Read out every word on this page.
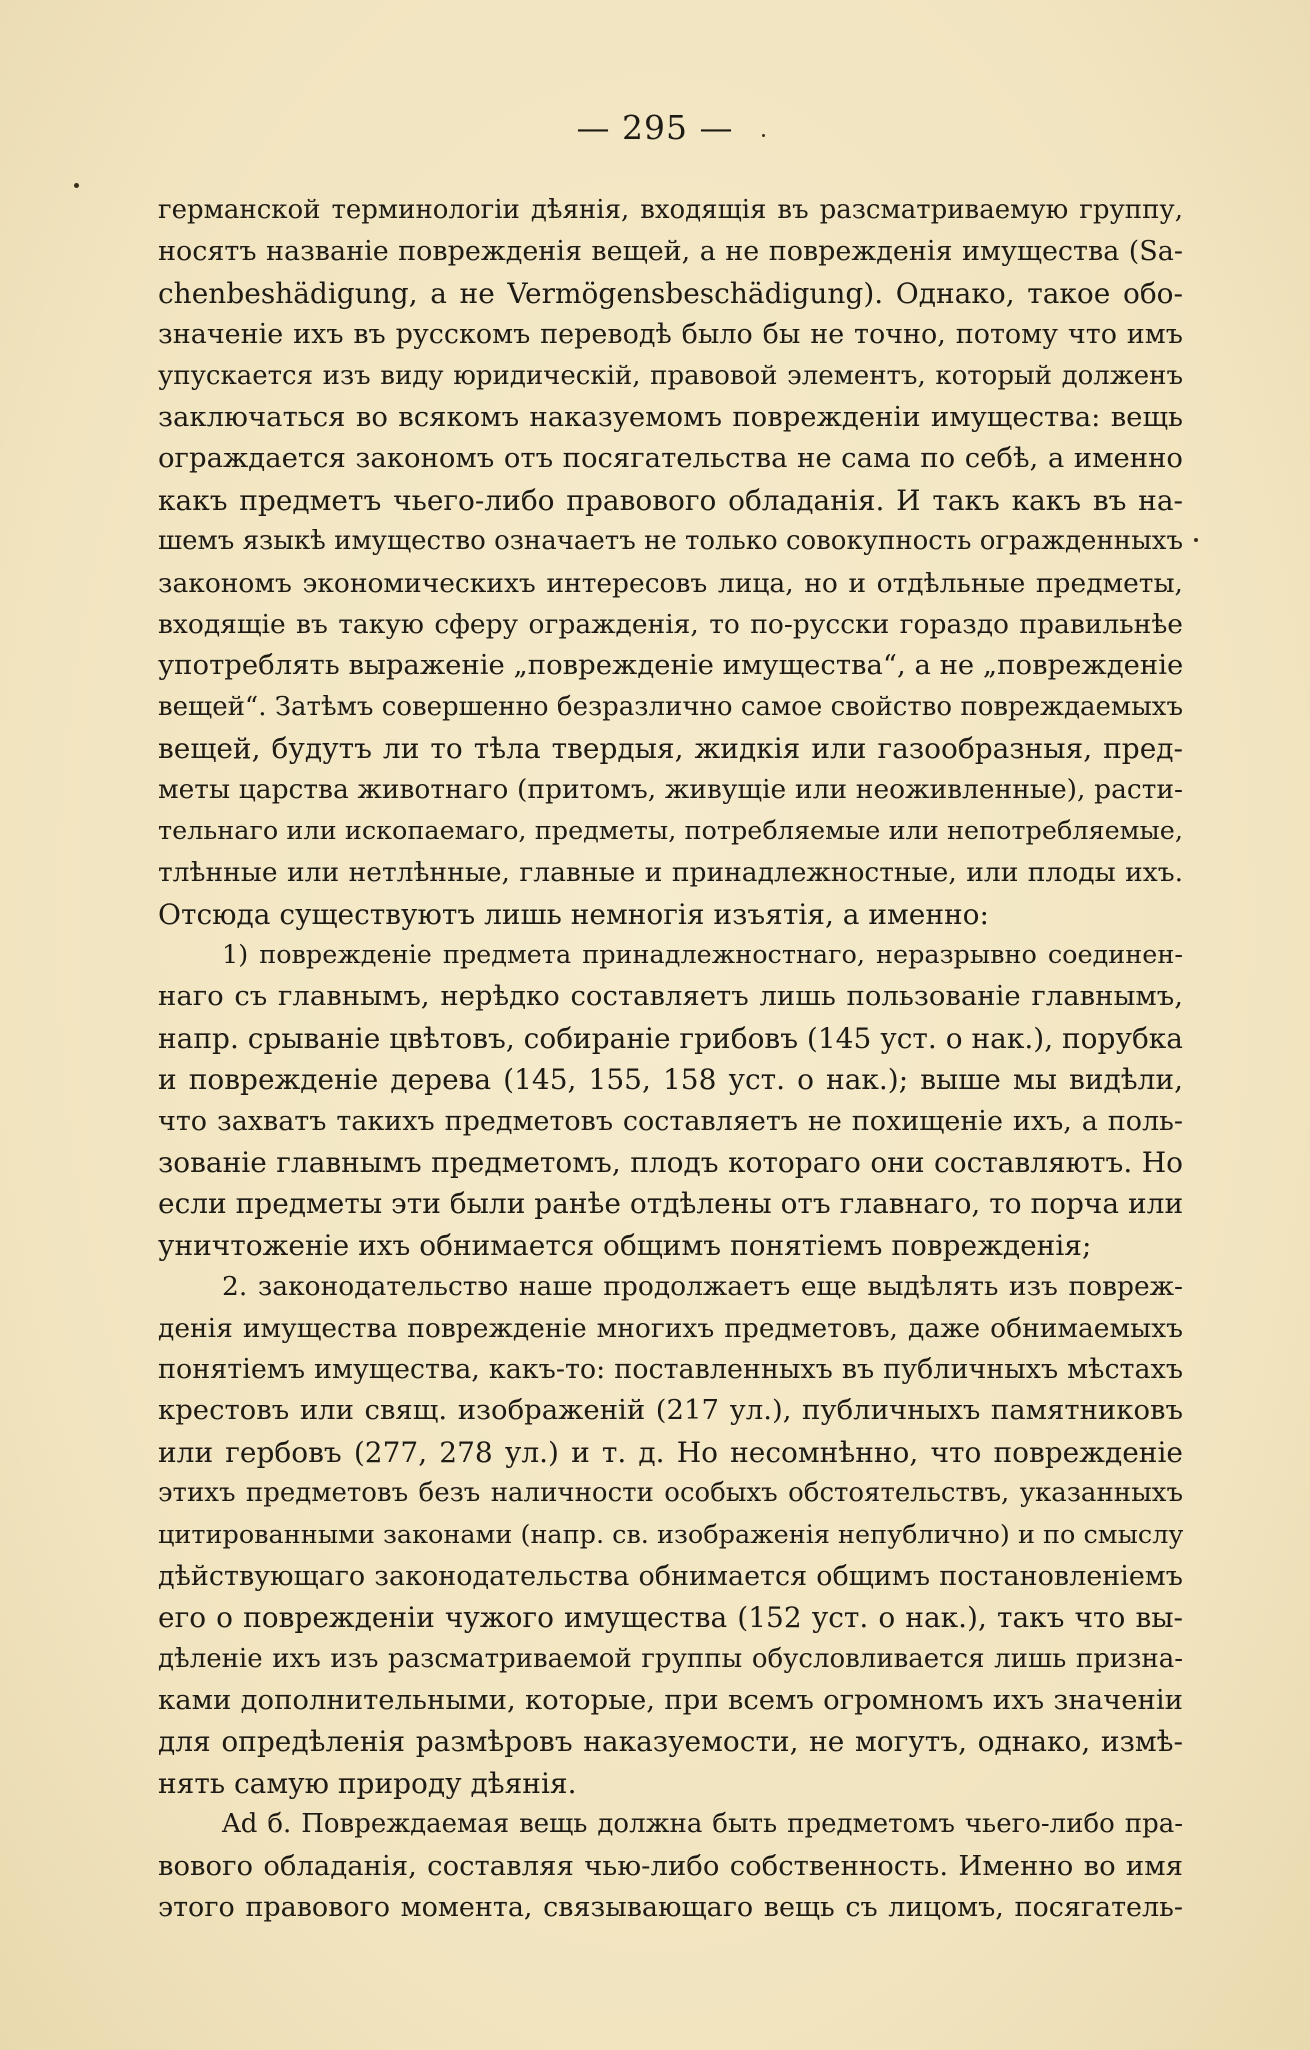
— 295 —
германской терминологіи дѣянія, входящія въ разсматриваемую группу,
носятъ названіе поврежденія вещей, а не поврежденія имущества (Sa-
chenbeshädigung, а не Vermögensbeschädigung). Однако, такое обо-
значеніе ихъ въ русскомъ переводѣ было бы не точно, потому что имъ
упускается изъ виду юридическій, правовой элементъ, который долженъ
заключаться во всякомъ наказуемомъ поврежденіи имущества: вещь
ограждается закономъ отъ посягательства не сама по себѣ, а именно
какъ предметъ чьего-либо правового обладанія. И такъ какъ въ на-
шемъ языкѣ имущество означаетъ не только совокупность огражденныхъ
закономъ экономическихъ интересовъ лица, но и отдѣльные предметы,
входящіе въ такую сферу огражденія, то по-русски гораздо правильнѣе
употреблять выраженіе „поврежденіе имущества“, а не „поврежденіе
вещей“. Затѣмъ совершенно безразлично самое свойство повреждаемыхъ
вещей, будутъ ли то тѣла твердыя, жидкія или газообразныя, пред-
меты царства животнаго (притомъ, живущіе или неоживленные), расти-
тельнаго или ископаемаго, предметы, потребляемые или непотребляемые,
тлѣнные или нетлѣнные, главные и принадлежностные, или плоды ихъ.
Отсюда существуютъ лишь немногія изъятія, а именно:
1) поврежденіе предмета принадлежностнаго, неразрывно соединен-
наго съ главнымъ, нерѣдко составляетъ лишь пользованіе главнымъ,
напр. срываніе цвѣтовъ, собираніе грибовъ (145 уст. о нак.), порубка
и поврежденіе дерева (145, 155, 158 уст. о нак.); выше мы видѣли,
что захватъ такихъ предметовъ составляетъ не похищеніе ихъ, а поль-
зованіе главнымъ предметомъ, плодъ котораго они составляютъ. Но
если предметы эти были ранѣе отдѣлены отъ главнаго, то порча или
уничтоженіе ихъ обнимается общимъ понятіемъ поврежденія;
2. законодательство наше продолжаетъ еще выдѣлять изъ повреж-
денія имущества поврежденіе многихъ предметовъ, даже обнимаемыхъ
понятіемъ имущества, какъ-то: поставленныхъ въ публичныхъ мѣстахъ
крестовъ или свящ. изображеній (217 ул.), публичныхъ памятниковъ
или гербовъ (277, 278 ул.) и т. д. Но несомнѣнно, что поврежденіе
этихъ предметовъ безъ наличности особыхъ обстоятельствъ, указанныхъ
цитированными законами (напр. св. изображенія непублично) и по смыслу
дѣйствующаго законодательства обнимается общимъ постановленіемъ
его о поврежденіи чужого имущества (152 уст. о нак.), такъ что вы-
дѣленіе ихъ изъ разсматриваемой группы обусловливается лишь призна-
ками дополнительными, которые, при всемъ огромномъ ихъ значеніи
для опредѣленія размѣровъ наказуемости, не могутъ, однако, измѣ-
нять самую природу дѣянія.
Ad б. Повреждаемая вещь должна быть предметомъ чьего-либо пра-
вового обладанія, составляя чью-либо собственность. Именно во имя
этого правового момента, связывающаго вещь съ лицомъ, посягатель-
